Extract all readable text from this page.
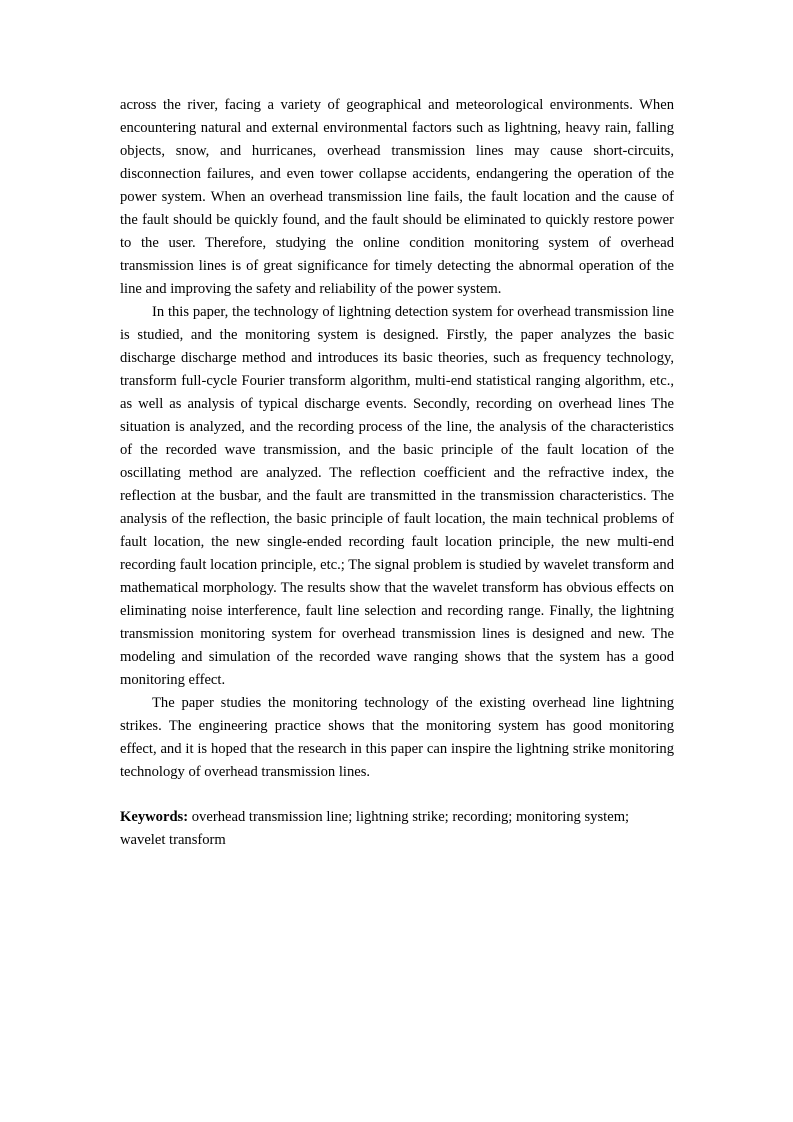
across the river, facing a variety of geographical and meteorological environments. When encountering natural and external environmental factors such as lightning, heavy rain, falling objects, snow, and hurricanes, overhead transmission lines may cause short-circuits, disconnection failures, and even tower collapse accidents, endangering the operation of the power system. When an overhead transmission line fails, the fault location and the cause of the fault should be quickly found, and the fault should be eliminated to quickly restore power to the user. Therefore, studying the online condition monitoring system of overhead transmission lines is of great significance for timely detecting the abnormal operation of the line and improving the safety and reliability of the power system.

In this paper, the technology of lightning detection system for overhead transmission line is studied, and the monitoring system is designed. Firstly, the paper analyzes the basic discharge discharge method and introduces its basic theories, such as frequency technology, transform full-cycle Fourier transform algorithm, multi-end statistical ranging algorithm, etc., as well as analysis of typical discharge events. Secondly, recording on overhead lines The situation is analyzed, and the recording process of the line, the analysis of the characteristics of the recorded wave transmission, and the basic principle of the fault location of the oscillating method are analyzed. The reflection coefficient and the refractive index, the reflection at the busbar, and the fault are transmitted in the transmission characteristics. The analysis of the reflection, the basic principle of fault location, the main technical problems of fault location, the new single-ended recording fault location principle, the new multi-end recording fault location principle, etc.; The signal problem is studied by wavelet transform and mathematical morphology. The results show that the wavelet transform has obvious effects on eliminating noise interference, fault line selection and recording range. Finally, the lightning transmission monitoring system for overhead transmission lines is designed and new. The modeling and simulation of the recorded wave ranging shows that the system has a good monitoring effect.

The paper studies the monitoring technology of the existing overhead line lightning strikes. The engineering practice shows that the monitoring system has good monitoring effect, and it is hoped that the research in this paper can inspire the lightning strike monitoring technology of overhead transmission lines.

Keywords: overhead transmission line; lightning strike; recording; monitoring system; wavelet transform
